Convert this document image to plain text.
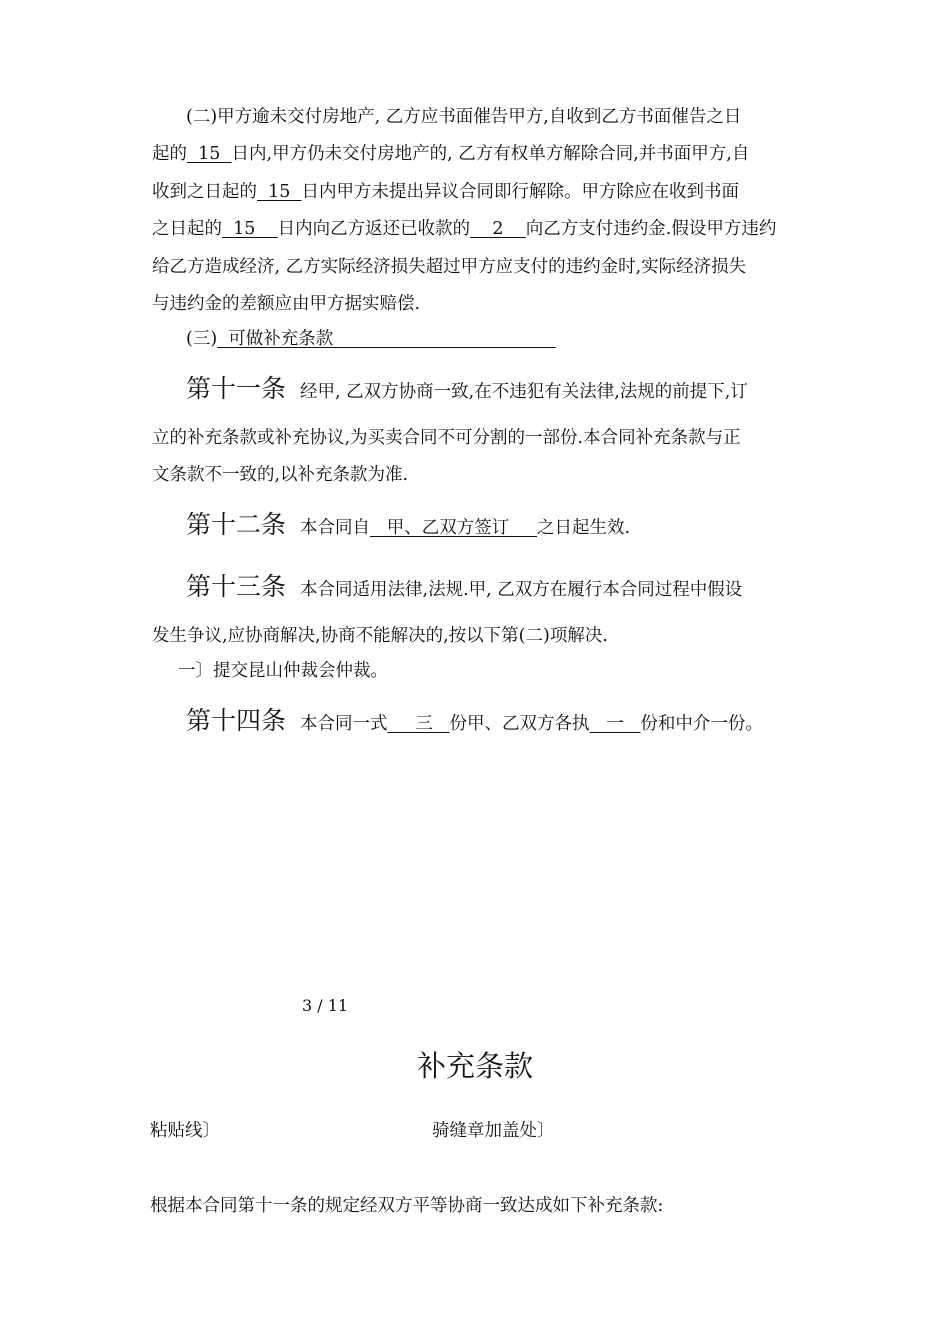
(二)甲方逾未交付房地产, 乙方应书面催告甲方,自收到乙方书面催告之日
起的  15  日内,甲方仍未交付房地产的, 乙方有权单方解除合同,并书面甲方,自
收到之日起的  15  日内甲方未提出异议合同即行解除。甲方除应在收到书面
之日起的  15    日内向乙方返还已收款的    2    向乙方支付违约金.假设甲方违约
给乙方造成经济, 乙方实际经济损失超过甲方应支付的违约金时,实际经济损失
与违约金的差额应由甲方据实赔偿.
(三)  可做补充条款
第十一条 经甲, 乙双方协商一致,在不违犯有关法律,法规的前提下,订
立的补充条款或补充协议,为买卖合同不可分割的一部份.本合同补充条款与正
文条款不一致的,以补充条款为准.
第十二条 本合同自   甲、乙双方签订     之日起生效.
第十三条 本合同适用法律,法规.甲, 乙双方在履行本合同过程中假设
发生争议,应协商解决,协商不能解决的,按以下第(二)项解决.
一〕提交昆山仲裁会仲裁。
第十四条 本合同一式     三   份甲、乙双方各执   一   份和中介一份。
3 / 11
补充条款
粘贴线〕	骑缝章加盖处〕
根据本合同第十一条的规定经双方平等协商一致达成如下补充条款:
